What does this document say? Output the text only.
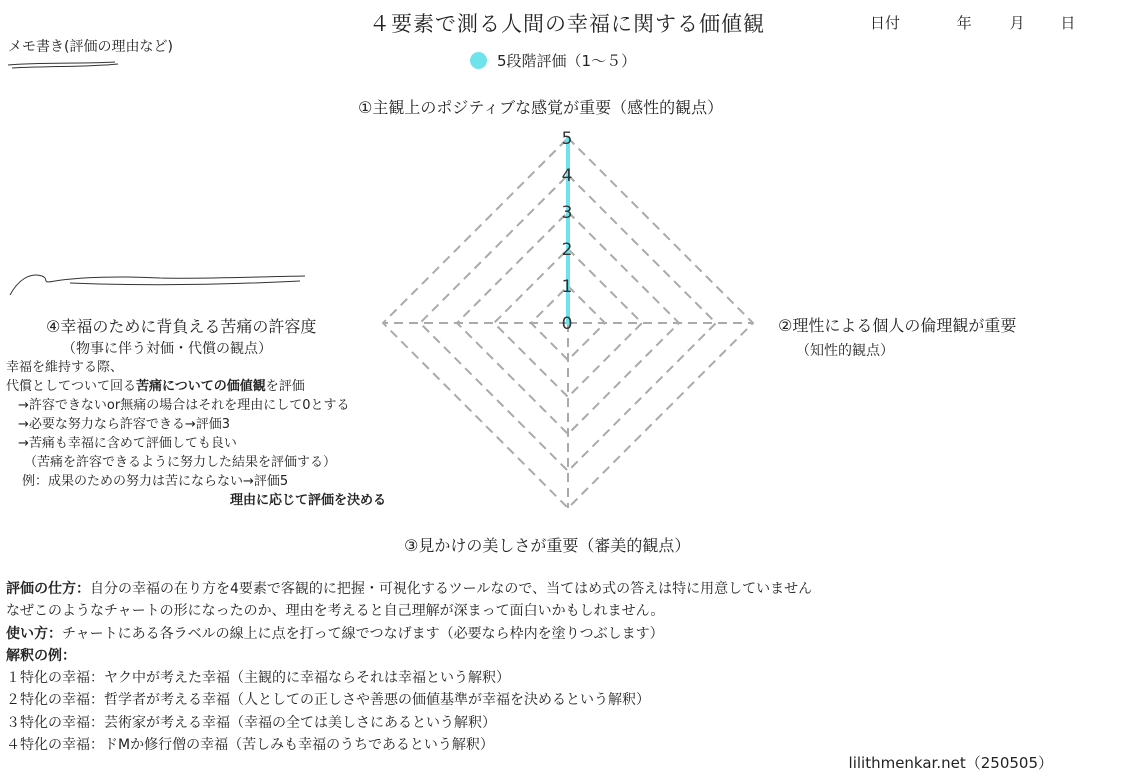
４要素で測る人間の幸福に関する価値観	日付	年	月 日
メモ書き(評価の理由など)
5段階評価（1〜５）
0
1
2
3
4
5
①主観上のポジティブな感覚が重要（感性的観点）
②理性による個人の倫理観が重要
（知性的観点）
③見かけの美しさが重要（審美的観点）
④幸福のために背負える苦痛の許容度
（物事に伴う対価・代償の観点）
幸福を維持する際、
代償としてついて回る苦痛についての価値観を評価
→許容できないor無痛の場合はそれを理由にして0とする
→必要な努力なら許容できる→評価3
→苦痛も幸福に含めて評価しても良い
（苦痛を許容できるように努力した結果を評価する）
例：成果のための努力は苦にならない→評価5
理由に応じて評価を決める
評価の仕方：自分の幸福の在り方を4要素で客観的に把握・可視化するツールなので、当てはめ式の答えは特に用意していません
なぜこのようなチャートの形になったのか、理由を考えると自己理解が深まって面白いかもしれません。
使い方：チャートにある各ラベルの線上に点を打って線でつなげます（必要なら枠内を塗りつぶします）
解釈の例：
１特化の幸福：ヤク中が考えた幸福（主観的に幸福ならそれは幸福という解釈）
２特化の幸福：哲学者が考える幸福（人としての正しさや善悪の価値基準が幸福を決めるという解釈）
３特化の幸福：芸術家が考える幸福（幸福の全ては美しさにあるという解釈）
４特化の幸福：ドMか修行僧の幸福（苦しみも幸福のうちであるという解釈）
lilithmenkar.net（250505）
